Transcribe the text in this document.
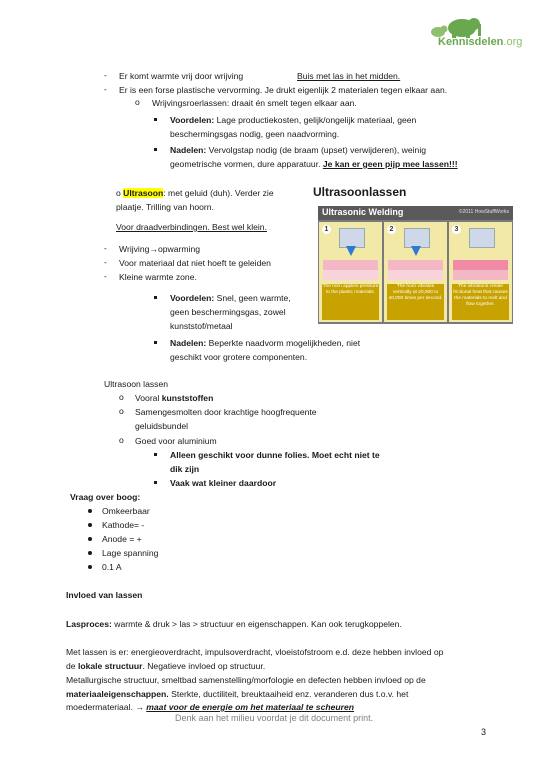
Kennisdelen.org
- Er komt warmte vrij door wrijving	Buis met las in het midden.
- Er is een forse plastische vervorming. Je drukt eigenlijk 2 materialen tegen elkaar aan.
o Wrijvingsroerlassen: draait én smelt tegen elkaar aan.
Voordelen: Lage productiekosten, gelijk/ongelijk materiaal, geen
beschermingsgas nodig, geen naadvorming.
Nadelen: Vervolgstap nodig (de braam (upset) verwijderen), weinig
geometrische vormen, dure apparatuur. Je kan er geen pijp mee lassen!!!
o Ultrasoon: met geluid (duh). Verder zie
plaatje. Trilling van hoorn.
Voor draadverbindingen. Best wel klein.
- Wrijving→opwarming
- Voor materiaal dat niet hoeft te geleiden
- Kleine warmte zone.
Voordelen: Snel, geen warmte,
geen beschermingsgas, zowel
kunststof/metaal
Nadelen: Beperkte naadvorm mogelijkheden, niet
geschikt voor grotere componenten.
Ultrasoonlassen
Ultrasonic Welding	©2011 HowStuffWorks
1
The horn applies pressure to the plastic materials.
2
The horn vibrates vertically at 20,000 to 40,000 times per second.
3
The vibrations create frictional heat that causes the materials to melt and flow together.
Ultrasoon lassen
o Vooral kunststoffen
o Samengesmolten door krachtige hoogfrequente
geluidsbundel
o Goed voor aluminium
Alleen geschikt voor dunne folies. Moet echt niet te
dik zijn
Vaak wat kleiner daardoor
Vraag over boog:
Omkeerbaar
Kathode= -
Anode = +
Lage spanning
0.1 A
Invloed van lassen
Lasproces: warmte & druk > las > structuur en eigenschappen. Kan ook terugkoppelen.
Met lassen is er: energieoverdracht, impulsoverdracht, vloeistofstroom e.d. deze hebben invloed op
de lokale structuur. Negatieve invloed op structuur.
Metallurgische structuur, smeltbad samenstelling/morfologie en defecten hebben invloed op de
materiaaleigenschappen. Sterkte, ductiliteit, breuktaaiheid enz. veranderen dus t.o.v. het
moedermateriaal. → maat voor de energie om het materiaal te scheuren
Denk aan het milieu voordat je dit document print.
3
